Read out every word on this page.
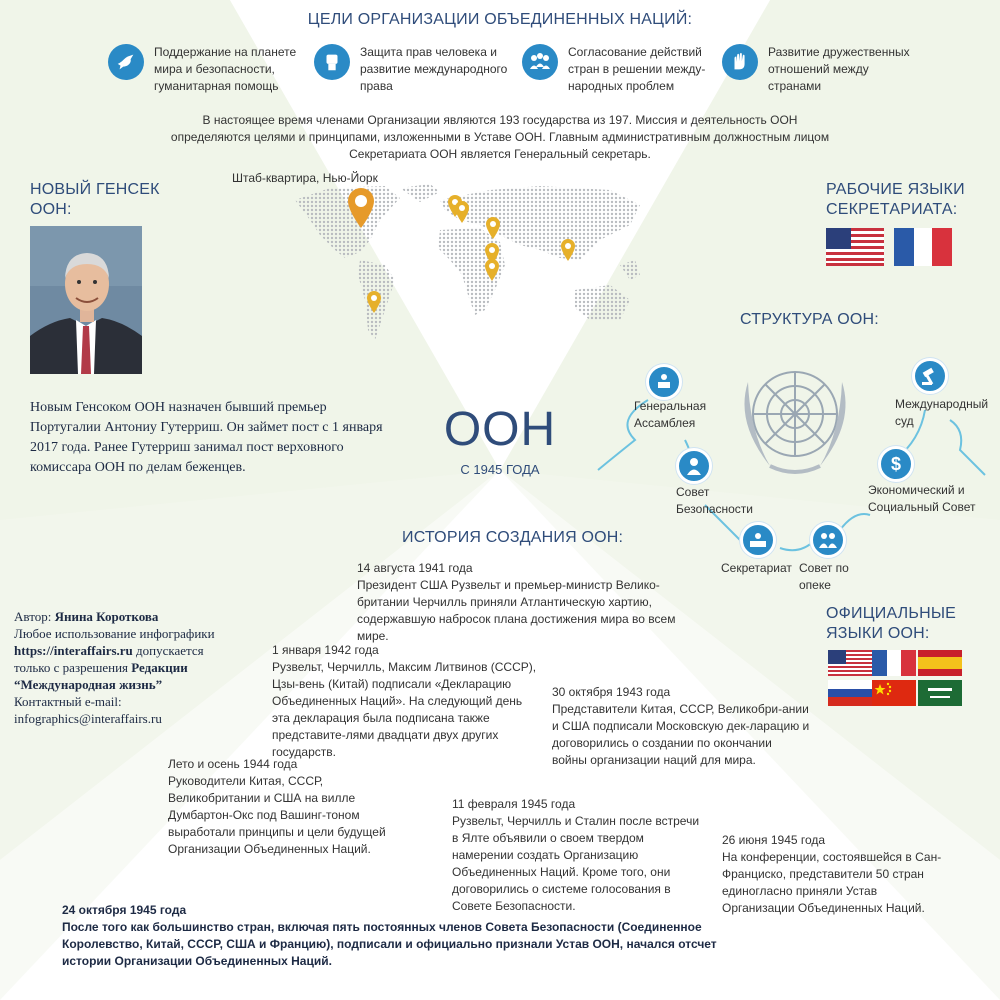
ЦЕЛИ ОРГАНИЗАЦИИ ОБЪЕДИНЕННЫХ НАЦИЙ:
Поддержание на планете мира и безопасности, гуманитарная помощь
Защита прав человека и развитие международного права
Согласование действий стран в решении между-народных проблем
Развитие дружественных отношений между странами
В настоящее время членами Организации являются 193 государства из 197. Миссия и деятельность ООН определяются целями и принципами, изложенными в Уставе ООН. Главным административным должностным лицом Секретариата ООН является Генеральный секретарь.
Штаб-квартира, Нью-Йорк
НОВЫЙ ГЕНСЕК ООН:
Новым Генсоком ООН назначен бывший премьер Португалии Антониу Гутерриш. Он займет пост с 1 января 2017 года. Ранее Гутерриш занимал пост верховного комиссара ООН по делам беженцев.
ООН
С 1945 ГОДА
РАБОЧИЕ ЯЗЫКИ СЕКРЕТАРИАТА:
СТРУКТУРА ООН:
Генеральная Ассамблея
Совет Безопасности
Секретариат Совет по опеке
$
Экономический и Социальный Совет
Международный суд
ОФИЦИАЛЬНЫЕ ЯЗЫКИ ООН:
ИСТОРИЯ СОЗДАНИЯ ООН:
14 августа 1941 года
Президент США Рузвельт и премьер-министр Велико-британии Черчилль приняли Атлантическую хартию, содержавшую набросок плана достижения мира во всем мире.
1 января 1942 года
Рузвельт, Черчилль, Максим Литвинов (СССР), Цзы-вень (Китай) подписали «Декларацию Объединенных Наций». На следующий день эта декларация была подписана также представите-лями двадцати двух других государств.
30 октября 1943 года
Представители Китая, СССР, Великобри-ании и США подписали Московскую дек-ларацию и договорились о создании по окончании войны организации наций для мира.
Лето и осень 1944 года
Руководители Китая, СССР, Великобритании и США на вилле Думбартон-Окс под Вашинг-тоном выработали принципы и цели будущей Организации Объединенных Наций.
11 февраля 1945 года
Рузвельт, Черчилль и Сталин после встречи в Ялте объявили о своем твердом намерении создать Организацию Объединенных Наций. Кроме того, они договорились о системе голосования в Совете Безопасности.
26 июня 1945 года
На конференции, состоявшейся в Сан-Франциско, представители 50 стран единогласно приняли Устав Организации Объединенных Наций.
24 октября 1945 года
После того как большинство стран, включая пять постоянных членов Совета Безопасности (Соединенное Королевство, Китай, СССР, США и Францию), подписали и официально признали Устав ООН, начался отсчет истории Организации Объединенных Наций.
Автор: Янина Короткова
Любое использование инфографики
https://interaffairs.ru допускается
только с разрешения Редакции
“Международная жизнь”
Контактный e-mail:
infographics@interaffairs.ru
